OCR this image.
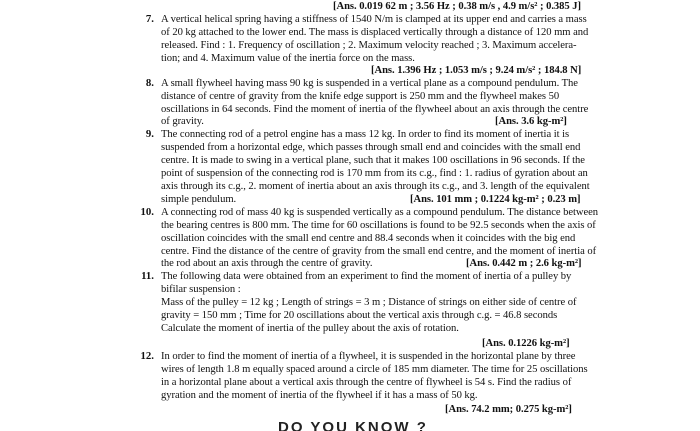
[Ans. 0.019 62 m ; 3.56 Hz ; 0.38 m/s , 4.9 m/s² ; 0.385 J]
7. A vertical helical spring having a stiffness of 1540 N/m is clamped at its upper end and carries a mass
of 20 kg attached to the lower end. The mass is displaced vertically through a distance of 120 mm and
released. Find : 1. Frequency of oscillation ; 2. Maximum velocity reached ; 3. Maximum accelera-
tion; and 4. Maximum value of the inertia force on the mass.
[Ans. 1.396 Hz ; 1.053 m/s ; 9.24 m/s² ; 184.8 N]
8. A small flywheel having mass 90 kg is suspended in a vertical plane as a compound pendulum. The
distance of centre of gravity from the knife edge support is 250 mm and the flywheel makes 50
oscillations in 64 seconds. Find the moment of inertia of the flywheel about an axis through the centre
of gravity.	[Ans. 3.6 kg-m²]
9. The connecting rod of a petrol engine has a mass 12 kg. In order to find its moment of inertia it is
suspended from a horizontal edge, which passes through small end and coincides with the small end
centre. It is made to swing in a vertical plane, such that it makes 100 oscillations in 96 seconds. If the
point of suspension of the connecting rod is 170 mm from its c.g., find : 1. radius of gyration about an
axis through its c.g., 2. moment of inertia about an axis through its c.g., and 3. length of the equivalent
simple pendulum.	[Ans. 101 mm ; 0.1224 kg-m² ; 0.23 m]
10. A connecting rod of mass 40 kg is suspended vertically as a compound pendulum. The distance between
the bearing centres is 800 mm. The time for 60 oscillations is found to be 92.5 seconds when the axis of
oscillation coincides with the small end centre and 88.4 seconds when it coincides with the big end
centre. Find the distance of the centre of gravity from the small end centre, and the moment of inertia of
the rod about an axis through the centre of gravity.	[Ans. 0.442 m ; 2.6 kg-m²]
11. The following data were obtained from an experiment to find the moment of inertia of a pulley by
bifilar suspension :
Mass of the pulley = 12 kg ; Length of strings = 3 m ; Distance of strings on either side of centre of
gravity = 150 mm ; Time for 20 oscillations about the vertical axis through c.g. = 46.8 seconds
Calculate the moment of inertia of the pulley about the axis of rotation.
[Ans. 0.1226 kg-m²]
12. In order to find the moment of inertia of a flywheel, it is suspended in the horizontal plane by three
wires of length 1.8 m equally spaced around a circle of 185 mm diameter. The time for 25 oscillations
in a horizontal plane about a vertical axis through the centre of flywheel is 54 s. Find the radius of
gyration and the moment of inertia of the flywheel if it has a mass of 50 kg.
[Ans. 74.2 mm; 0.275 kg-m²]
DO YOU KNOW ?
